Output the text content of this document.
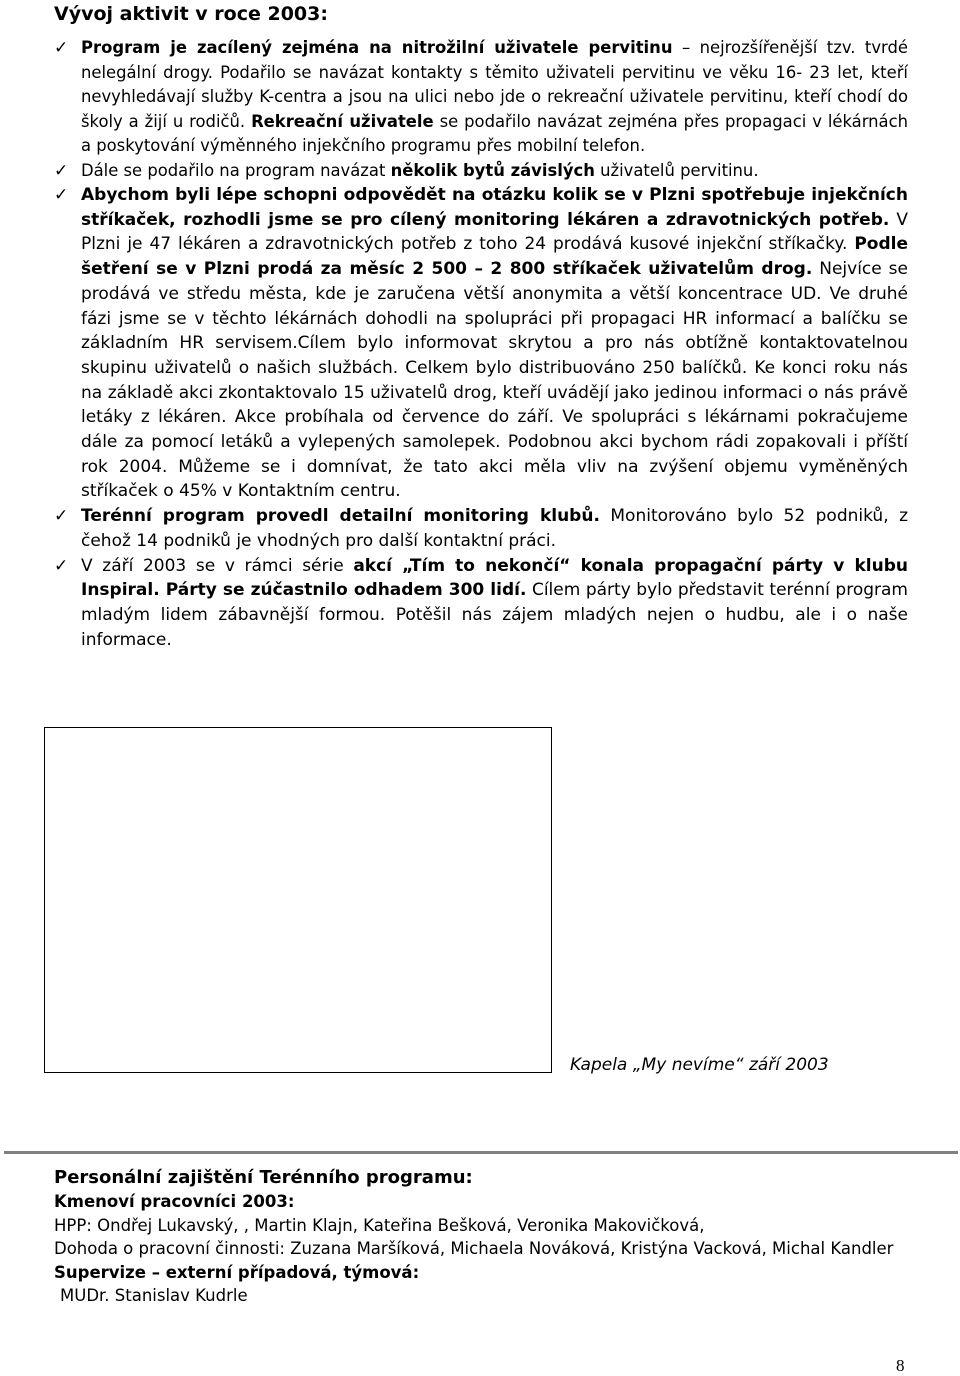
Vývoj aktivit v roce 2003:
✓ Program je zacílený zejména na nitrožilní uživatele pervitinu – nejrozšířenější tzv. tvrdé nelegální drogy. Podařilo se navázat kontakty s těmito uživateli pervitinu ve věku 16- 23 let, kteří nevyhledávají služby K-centra a jsou na ulici nebo jde o rekreační uživatele pervitinu, kteří chodí do školy a žijí u rodičů. Rekreační uživatele se podařilo navázat zejména přes propagaci v lékárnách a poskytování výměnného injekčního programu přes mobilní telefon.
✓ Dále se podařilo na program navázat několik bytů závislých uživatelů pervitinu.
✓ Abychom byli lépe schopni odpovědět na otázku kolik se v Plzni spotřebuje injekčních stříkaček, rozhodli jsme se pro cílený monitoring lékáren a zdravotnických potřeb. V Plzni je 47 lékáren a zdravotnických potřeb z toho 24 prodává kusové injekční stříkačky. Podle šetření se v Plzni prodá za měsíc 2 500 – 2 800 stříkaček uživatelům drog. Nejvíce se prodává ve středu města, kde je zaručena větší anonymita a větší koncentrace UD. Ve druhé fázi jsme se v těchto lékárnách dohodli na spolupráci při propagaci HR informací a balíčku se základním HR servisem.Cílem bylo informovat skrytou a pro nás obtížně kontaktovatelnou skupinu uživatelů o našich službách. Celkem bylo distribuováno 250 balíčků. Ke konci roku nás na základě akci zkontaktovalo 15 uživatelů drog, kteří uvádějí jako jedinou informaci o nás právě letáky z lékáren. Akce probíhala od července do září. Ve spolupráci s lékárnami pokračujeme dále za pomocí letáků a vylepených samolepek. Podobnou akci bychom rádi zopakovali i příští rok 2004. Můžeme se i domnívat, že tato akci měla vliv na zvýšení objemu vyměněných stříkaček o 45% v Kontaktním centru.
✓ Terénní program provedl detailní monitoring klubů. Monitorováno bylo 52 podniků, z čehož 14 podniků je vhodných pro další kontaktní práci.
✓ V září 2003 se v rámci série akcí „Tím to nekončí“ konala propagační párty v klubu Inspiral. Párty se zúčastnilo odhadem 300 lidí. Cílem párty bylo představit terénní program mladým lidem zábavnější formou. Potěšil nás zájem mladých nejen o hudbu, ale i o naše informace.
Kapela „My nevíme“ září 2003
Personální zajištění Terénního programu:
Kmenoví pracovníci 2003:
HPP: Ondřej Lukavský, , Martin Klajn, Kateřina Bešková, Veronika Makovičková,
Dohoda o pracovní činnosti: Zuzana Maršíková, Michaela Nováková, Kristýna Vacková, Michal Kandler
Supervize – externí případová, týmová:
MUDr. Stanislav Kudrle
8
